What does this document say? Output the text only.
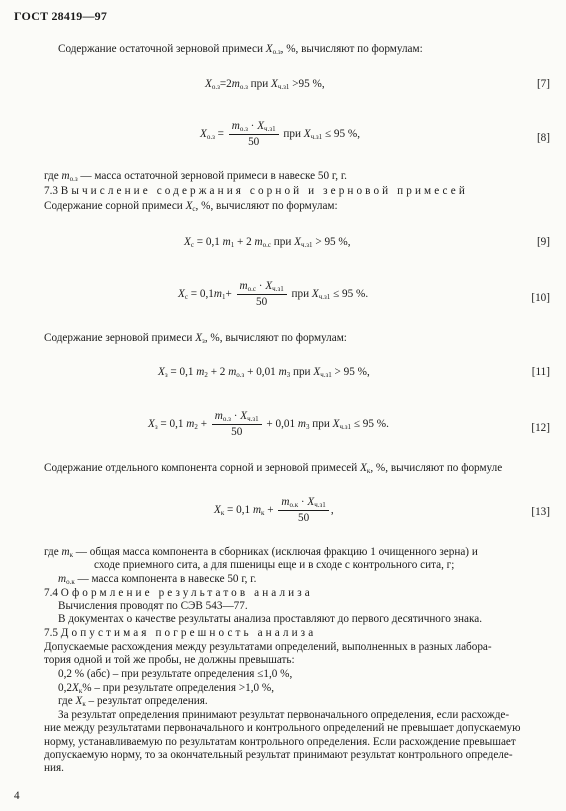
ГОСТ 28419—97
Содержание остаточной зерновой примеси $X_{о.з}$, %, вычисляют по формулам:
$X_{о.з}=2m_{о.з}$ при $X_{ч.з1} >95$ %,	[7]
$X_{о.з} = \frac{m_{о.з} \cdot X_{ч.з1}}{50}$ при $X_{ч.з1} \le 95$ %,	[8]
где $m_{о.з}$ — масса остаточной зерновой примеси в навеске 50 г, г.
7.3 Вычисление содержания сорной и зерновой примесей
Содержание сорной примеси $X_с$, %, вычисляют по формулам:
$X_с = 0,1$ $m_1 + 2$ $m_{о.с}$ при $X_{ч.з1} > 95$ %,	[9]
$X_с = 0,1m_1+ \frac{m_{о.с} \cdot X_{ч.з1}}{50}$ при $X_{ч.з1} \le 95$ %.	[10]
Содержание зерновой примеси $X_з$, %, вычисляют по формулам:
$X_з = 0,1$ $m_2 + 2$ $m_{о.з} + 0,01$ $m_3$ при $X_{ч.з1} > 95$ %,	[11]
$X_з = 0,1$ $m_2 + \frac{m_{о.з} \cdot X_{ч.з1}}{50} + 0,01$ $m_3$ при $X_{ч.з1} \le 95$ %.	[12]
Содержание отдельного компонента сорной и зерновой примесей $X_к$, %, вычисляют по формуле
$X_к = 0,1$ $m_к + \frac{m_{о.к} \cdot X_{ч.з1}}{50}$ ,	[13]
где $m_к$ — общая масса компонента в сборниках (исключая фракцию 1 очищенного зерна) и
сходе приемного сита, а для пшеницы еще и в сходе с контрольного сита, г;
$m_{о.к}$ — масса компонента в навеске 50 г, г.
7.4 Оформление результатов анализа
Вычисления проводят по СЭВ 543—77.
В документах о качестве результаты анализа проставляют до первого десятичного знака.
7.5 Допустимая погрешность анализа
Допускаемые расхождения между результатами определений, выполненных в разных лабора-
тория одной и той же пробы, не должны превышать:
0,2 % (абс) – при результате определения ≤1,0 %,
$0,2X_к\%$ – при результате определения >1,0 %,
где $X_к$ – результат определения.
За результат определения принимают результат первоначального определения, если расхожде-
ние между результатами первоначального и контрольного определений не превышает допускаемую
норму, устанавливаемую по результатам контрольного определения. Если расхождение превышает
допускаемую норму, то за окончательный результат принимают результат контрольного определе-
ния.
4
